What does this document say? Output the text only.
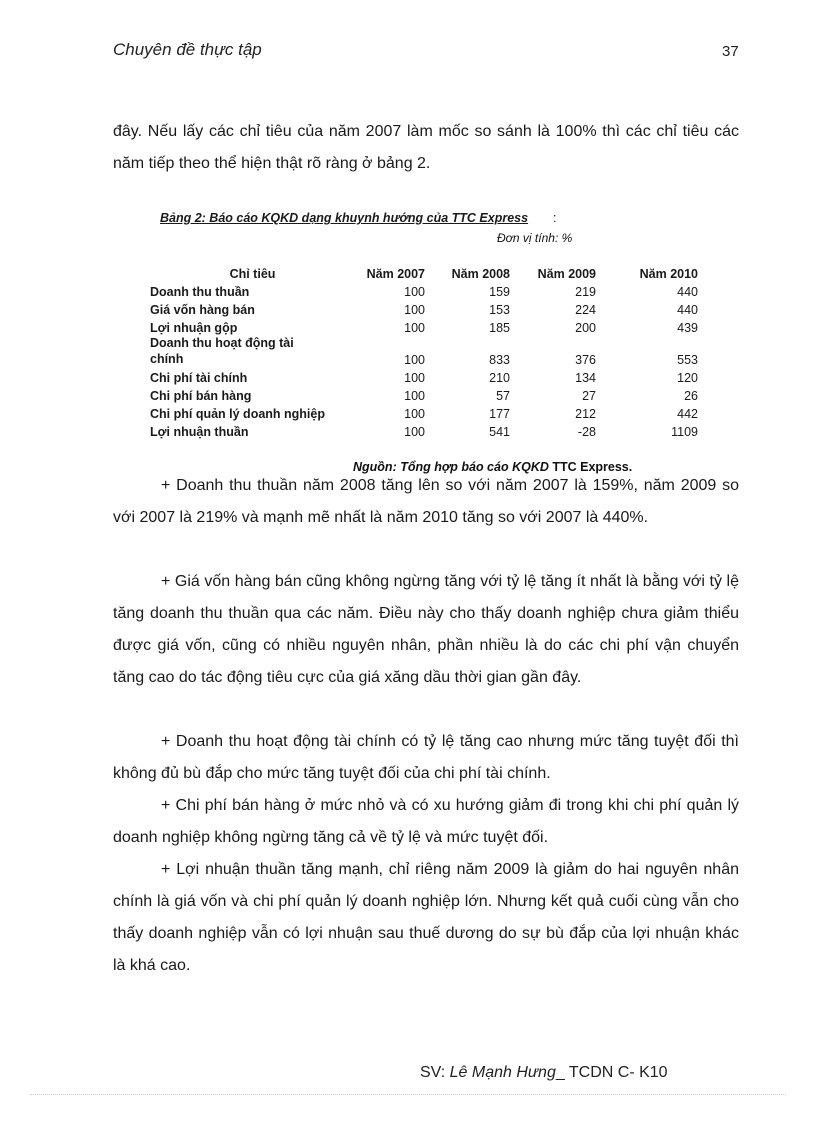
Chuyên đề thực tập	37
đây. Nếu lấy các chỉ tiêu của năm 2007 làm mốc so sánh là 100% thì các chỉ tiêu các năm tiếp theo thể hiện thật rõ ràng ở bảng 2.
Bảng 2: Báo cáo KQKD dạng khuynh hướng của TTC Express :
Đơn vị tính: %
Chỉ tiêu	Năm 2007	Năm 2008	Năm 2009	Năm 2010
Doanh thu thuần	100	159	219	440
Giá vốn hàng bán	100	153	224	440
Lợi nhuận gộp	100	185	200	439

Doanh thu hoạt động tài
chính	100	833	376	553
Chi phí tài chính	100	210	134	120
Chi phí bán hàng	100	57	27	26
Chi phí quản lý doanh nghiệp	100	177	212	442
Lợi nhuận thuần	100	541	-28	1109
Nguồn: Tổng hợp báo cáo KQKD TTC Express.
+ Doanh thu thuần năm 2008 tăng lên so với năm 2007 là 159%, năm 2009 so với 2007 là 219% và mạnh mẽ nhất là năm 2010 tăng so với 2007 là 440%.
+ Giá vốn hàng bán cũng không ngừng tăng với tỷ lệ tăng ít nhất là bằng với tỷ lệ tăng doanh thu thuần qua các năm. Điều này cho thấy doanh nghiệp chưa giảm thiểu được giá vốn, cũng có nhiều nguyên nhân, phần nhiều là do các chi phí vận chuyển tăng cao do tác động tiêu cực của giá xăng dầu thời gian gần đây.
+ Doanh thu hoạt động tài chính có tỷ lệ tăng cao nhưng mức tăng tuyệt đối thì không đủ bù đắp cho mức tăng tuyệt đối của chi phí tài chính.
+ Chi phí bán hàng ở mức nhỏ và có xu hướng giảm đi trong khi chi phí quản lý doanh nghiệp không ngừng tăng cả về tỷ lệ và mức tuyệt đối.
+ Lợi nhuận thuần tăng mạnh, chỉ riêng năm 2009 là giảm do hai nguyên nhân chính là giá vốn và chi phí quản lý doanh nghiệp lớn. Nhưng kết quả cuối cùng vẫn cho thấy doanh nghiệp vẫn có lợi nhuận sau thuế dương do sự bù đắp của lợi nhuận khác là khá cao.
SV: Lê Mạnh Hưng_ TCDN C- K10
